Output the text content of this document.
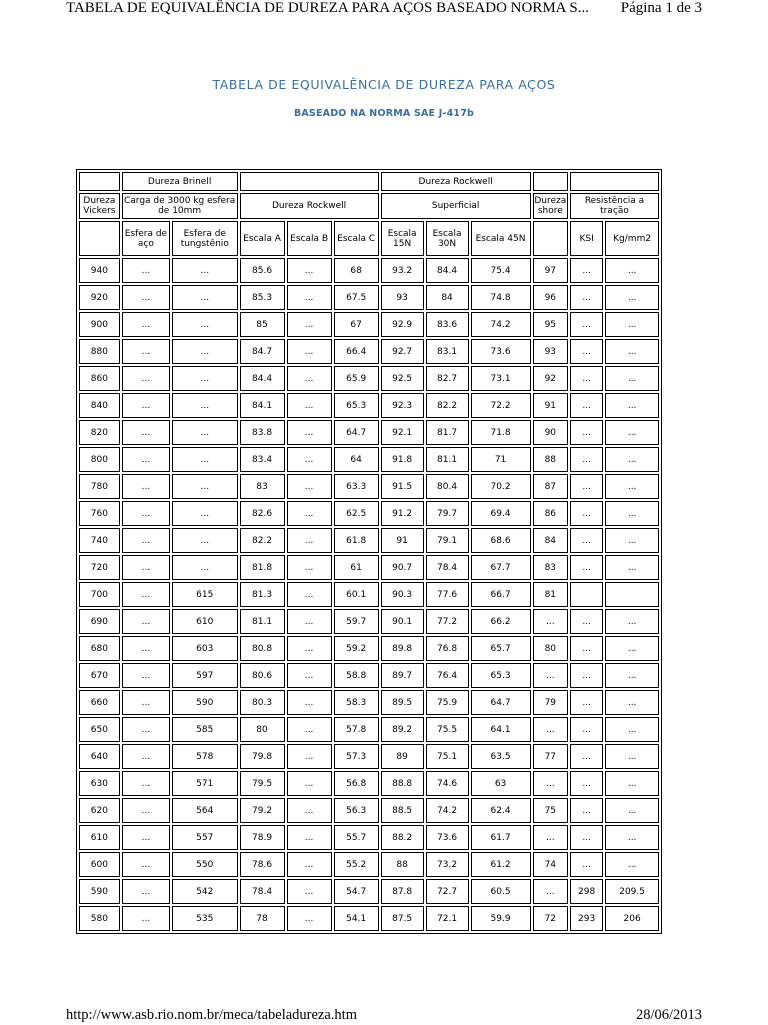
TABELA DE EQUIVALÊNCIA DE DUREZA PARA AÇOS BASEADO NORMA S... Página 1 de 3
TABELA DE EQUIVALÊNCIA DE DUREZA PARA AÇOS
BASEADO NA NORMA SAE J-417b
	Dureza Brinell					Dureza Rockwell					
Dureza Vickers	Carga de 3000 kg esfera de 10mm		Dureza Rockwell			Superficial			Dureza shore	Resistência a tração	
	Esfera de aço	Esfera de tungstênio	Escala A	Escala B	Escala C	Escala 15N	Escala 30N	Escala 45N		KSI	Kg/mm2
940	...	...	85.6	...	68	93.2	84.4	75.4	97	...	...
920	...	...	85.3	...	67.5	93	84	74.8	96	...	...
900	...	...	85	...	67	92.9	83.6	74.2	95	...	...
880	...	...	84.7	...	66.4	92.7	83.1	73.6	93	...	...
860	...	...	84.4	...	65.9	92.5	82.7	73.1	92	...	...
840	...	...	84.1	...	65.3	92.3	82.2	72.2	91	...	...
820	...	...	83.8	...	64.7	92.1	81.7	71.8	90	...	...
800	...	...	83.4	...	64	91.8	81.1	71	88	...	...
780	...	...	83	...	63.3	91.5	80.4	70.2	87	...	...
760	...	...	82.6	...	62.5	91.2	79.7	69.4	86	...	...
740	...	...	82.2	...	61.8	91	79.1	68.6	84	...	...
720	...	...	81.8	...	61	90.7	78.4	67.7	83	...	...
700	...	615	81.3	...	60.1	90.3	77.6	66.7	81		
690	...	610	81.1	...	59.7	90.1	77.2	66.2	...	...	...
680	...	603	80.8	...	59.2	89.8	76.8	65.7	80	...	...
670	...	597	80.6	...	58.8	89.7	76.4	65.3	...	...	...
660	...	590	80.3	...	58.3	89.5	75.9	64.7	79	...	...
650	...	585	80	...	57.8	89.2	75.5	64.1	...	...	...
640	...	578	79.8	...	57.3	89	75.1	63.5	77	...	...
630	...	571	79.5	...	56.8	88.8	74.6	63	...	...	...
620	...	564	79.2	...	56.3	88.5	74.2	62.4	75	...	...
610	...	557	78.9	...	55.7	88.2	73.6	61.7	...	...	...
600	...	550	78.6	...	55.2	88	73.2	61.2	74	...	...
590	...	542	78.4	...	54.7	87.8	72.7	60.5	...	298	209.5
580	...	535	78	...	54.1	87.5	72.1	59.9	72	293	206
http://www.asb.rio.nom.br/meca/tabeladureza.htm	28/06/2013
